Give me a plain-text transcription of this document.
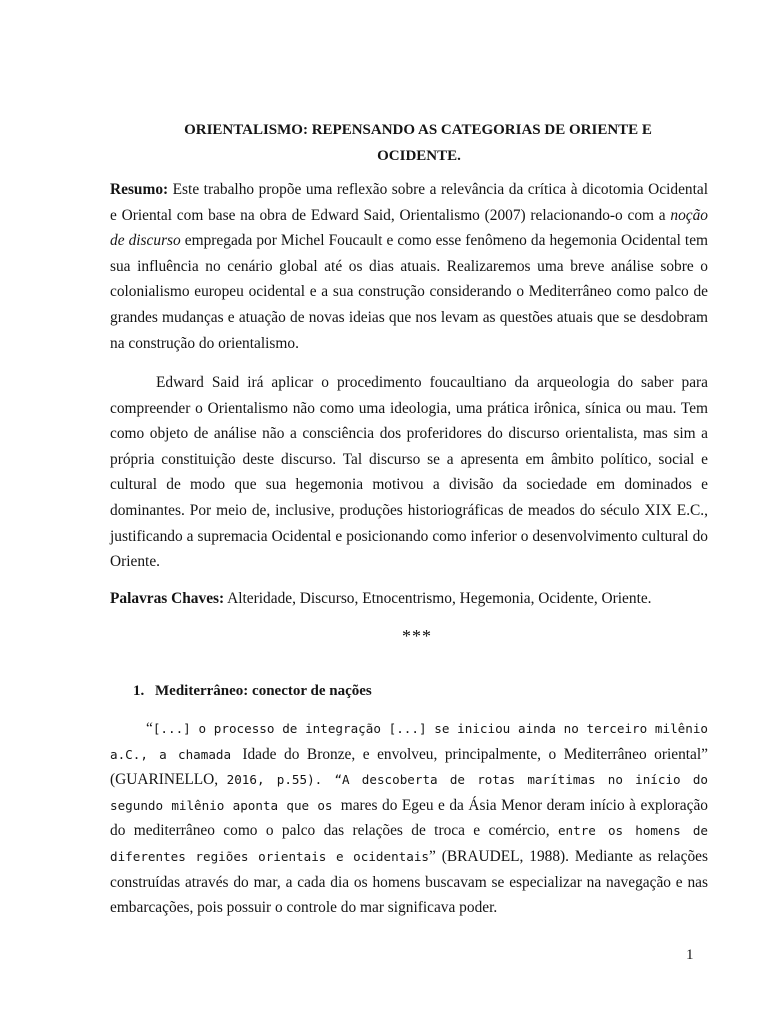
ORIENTALISMO: REPENSANDO AS CATEGORIAS DE ORIENTE E
OCIDENTE.
Resumo: Este trabalho propõe uma reflexão sobre a relevância da crítica à dicotomia Ocidental e Oriental com base na obra de Edward Said, Orientalismo (2007) relacionando-o com a noção de discurso empregada por Michel Foucault e como esse fenômeno da hegemonia Ocidental tem sua influência no cenário global até os dias atuais. Realizaremos uma breve análise sobre o colonialismo europeu ocidental e a sua construção considerando o Mediterrâneo como palco de grandes mudanças e atuação de novas ideias que nos levam as questões atuais que se desdobram na construção do orientalismo.
Edward Said irá aplicar o procedimento foucaultiano da arqueologia do saber para compreender o Orientalismo não como uma ideologia, uma prática irônica, sínica ou mau. Tem como objeto de análise não a consciência dos proferidores do discurso orientalista, mas sim a própria constituição deste discurso. Tal discurso se a apresenta em âmbito político, social e cultural de modo que sua hegemonia motivou a divisão da sociedade em dominados e dominantes. Por meio de, inclusive, produções historiográficas de meados do século XIX E.C., justificando a supremacia Ocidental e posicionando como inferior o desenvolvimento cultural do Oriente.
Palavras Chaves: Alteridade, Discurso, Etnocentrismo, Hegemonia, Ocidente, Oriente.
***
1. Mediterrâneo: conector de nações
“[...] o processo de integração [...] se iniciou ainda no terceiro milênio a.C., a chamada Idade do Bronze, e envolveu, principalmente, o Mediterrâneo oriental” (GUARINELLO, 2016, p.55). “A descoberta de rotas marítimas no início do segundo milênio aponta que os mares do Egeu e da Ásia Menor deram início à exploração do mediterrâneo como o palco das relações de troca e comércio, entre os homens de diferentes regiões orientais e ocidentais” (BRAUDEL, 1988). Mediante as relações construídas através do mar, a cada dia os homens buscavam se especializar na navegação e nas embarcações, pois possuir o controle do mar significava poder.
1
